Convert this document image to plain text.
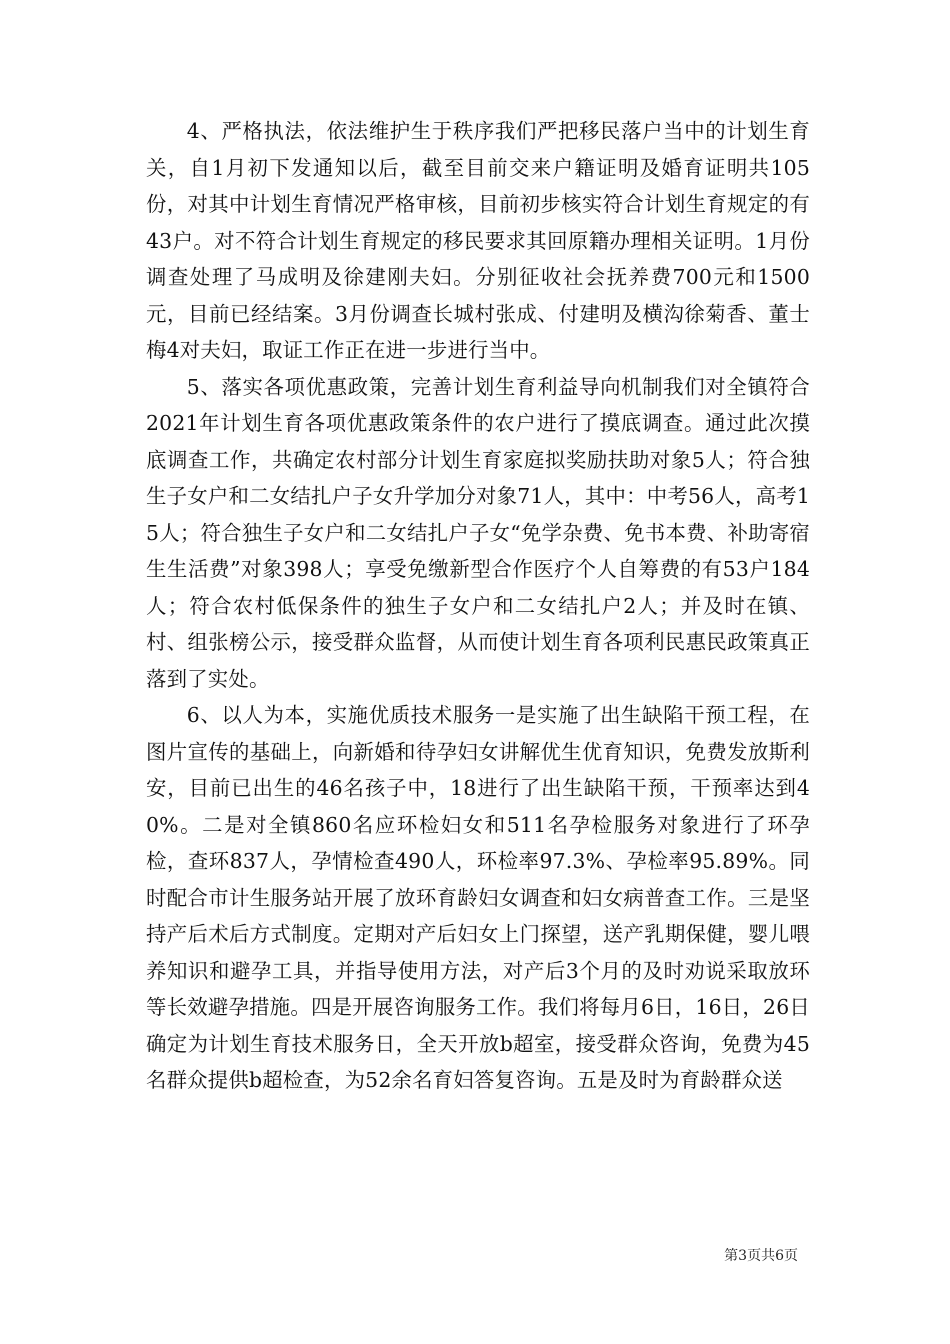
4、严格执法，依法维护生于秩序我们严把移民落户当中的计划生育关，自1月初下发通知以后，截至目前交来户籍证明及婚育证明共105份，对其中计划生育情况严格审核，目前初步核实符合计划生育规定的有43户。对不符合计划生育规定的移民要求其回原籍办理相关证明。1月份调查处理了马成明及徐建刚夫妇。分别征收社会抚养费700元和1500元，目前已经结案。3月份调查长城村张成、付建明及横沟徐菊香、董士梅4对夫妇，取证工作正在进一步进行当中。

5、落实各项优惠政策，完善计划生育利益导向机制我们对全镇符合2021年计划生育各项优惠政策条件的农户进行了摸底调查。通过此次摸底调查工作，共确定农村部分计划生育家庭拟奖励扶助对象5人；符合独生子女户和二女结扎户子女升学加分对象71人，其中：中考56人，高考15人；符合独生子女户和二女结扎户子女“免学杂费、免书本费、补助寄宿生生活费”对象398人；享受免缴新型合作医疗个人自筹费的有53户184人；符合农村低保条件的独生子女户和二女结扎户2人；并及时在镇、村、组张榜公示，接受群众监督，从而使计划生育各项利民惠民政策真正落到了实处。

6、以人为本，实施优质技术服务一是实施了出生缺陷干预工程，在图片宣传的基础上，向新婚和待孕妇女讲解优生优育知识，免费发放斯利安，目前已出生的46名孩子中，18进行了出生缺陷干预，干预率达到40%。二是对全镇860名应环检妇女和511名孕检服务对象进行了环孕检，查环837人，孕情检查490人，环检率97.3%、孕检率95.89%。同时配合市计生服务站开展了放环育龄妇女调查和妇女病普查工作。三是坚持产后术后方式制度。定期对产后妇女上门探望，送产乳期保健，婴儿喂养知识和避孕工具，并指导使用方法，对产后3个月的及时劝说采取放环等长效避孕措施。四是开展咨询服务工作。我们将每月6日，16日，26日确定为计划生育技术服务日，全天开放b超室，接受群众咨询，免费为45名群众提供b超检查，为52余名育妇答复咨询。五是及时为育龄群众送

第3页共6页
